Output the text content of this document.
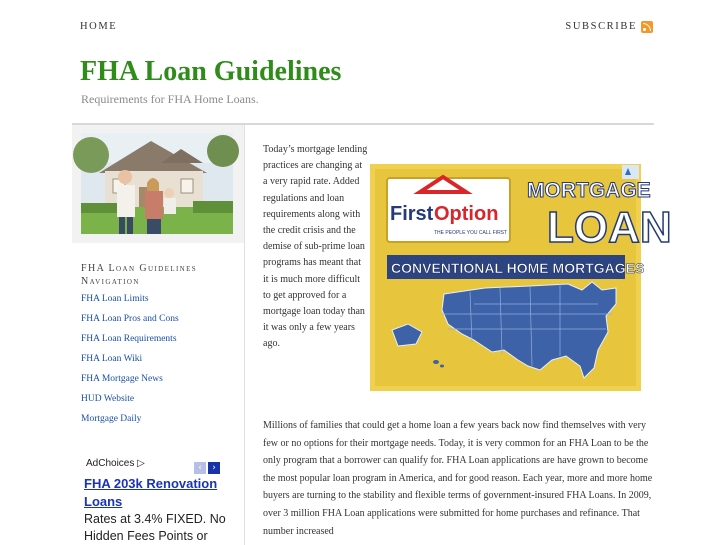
HOME	SUBSCRIBE
FHA Loan Guidelines
Requirements for FHA Home Loans.
FHA Loan Guidelines Navigation
FHA Loan Limits
FHA Loan Pros and Cons
FHA Loan Requirements
FHA Loan Wiki
FHA Mortgage News
HUD Website
Mortgage Daily
AdChoices ▷	‹ ›
FHA 203k Renovation Loans
Rates at 3.4% FIXED. No Hidden Fees Points or
Today’s mortgage lending practices are changing at a very rapid rate. Added regulations and loan requirements along with the credit crisis and the demise of sub-prime loan programs has meant that it is much more difficult to get approved for a mortgage loan today than it was only a few years ago.
First Option
THE PEOPLE YOU CALL FIRST
MORTGAGE
LOAN
CONVENTIONAL HOME MORTGAGES
Millions of families that could get a home loan a few years back now find themselves with very few or no options for their mortgage needs. Today, it is very common for an FHA Loan to be the only program that a borrower can qualify for. FHA Loan applications are have grown to become the most popular loan program in America, and for good reason. Each year, more and more home buyers are turning to the stability and flexible terms of government-insured FHA Loans. In 2009, over 3 million FHA Loan applications were submitted for home purchases and refinance. That number increased
